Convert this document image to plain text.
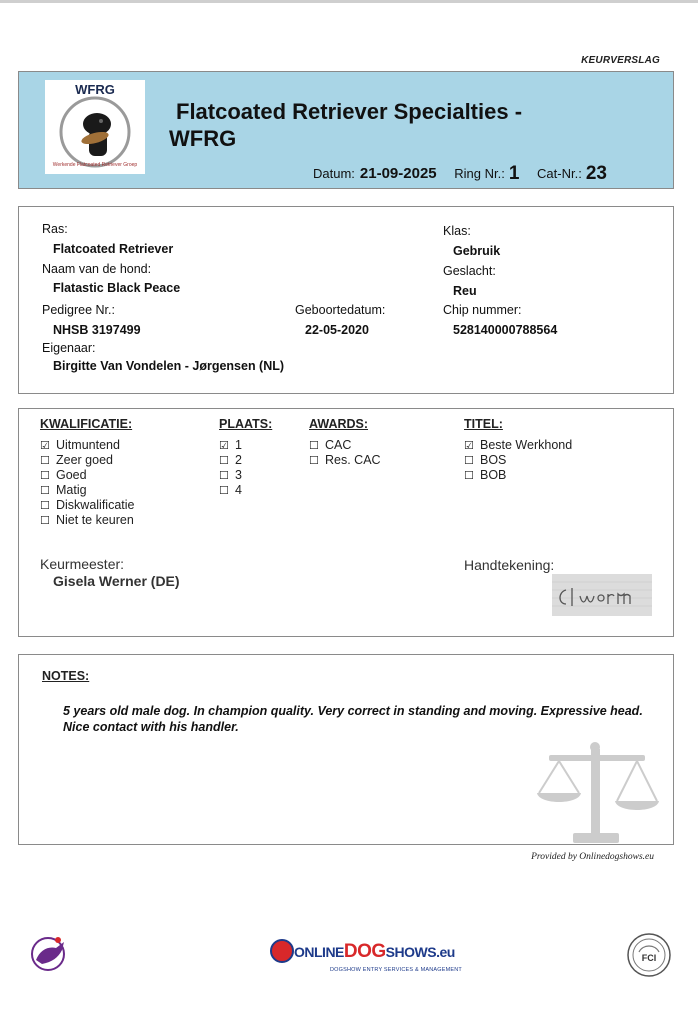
KEURVERSLAG
WFRG
Werkende Flatcoated Retriever Groep
Flatcoated Retriever Specialties -
WFRG
Datum: 21-09-2025 Ring Nr.: 1 Cat-Nr.: 23
Ras:
Flatcoated Retriever
Naam van de hond:
Flatastic Black Peace
Pedigree Nr.:
NHSB 3197499
Geboortedatum:
22-05-2020
Eigenaar:
Birgitte Van Vondelen - Jørgensen (NL)
Klas:
Gebruik
Geslacht:
Reu
Chip nummer:
528140000788564
KWALIFICATIE:
☑ Uitmuntend
☐ Zeer goed
☐ Goed
☐ Matig
☐ Diskwalificatie
☐ Niet te keuren
PLAATS:
☑ 1
☐ 2
☐ 3
☐ 4
AWARDS:
☐ CAC
☐ Res. CAC
TITEL:
☑ Beste Werkhond
☐ BOS
☐ BOB
Keurmeester:
Gisela Werner (DE)
Handtekening:
NOTES:
5 years old male dog. In champion quality. Very correct in standing and moving. Expressive head. Nice contact with his handler.
Provided by Onlinedogshows.eu
ONLINEDOGSHOWS.eu
DOGSHOW ENTRY SERVICES & MANAGEMENT
FCI
